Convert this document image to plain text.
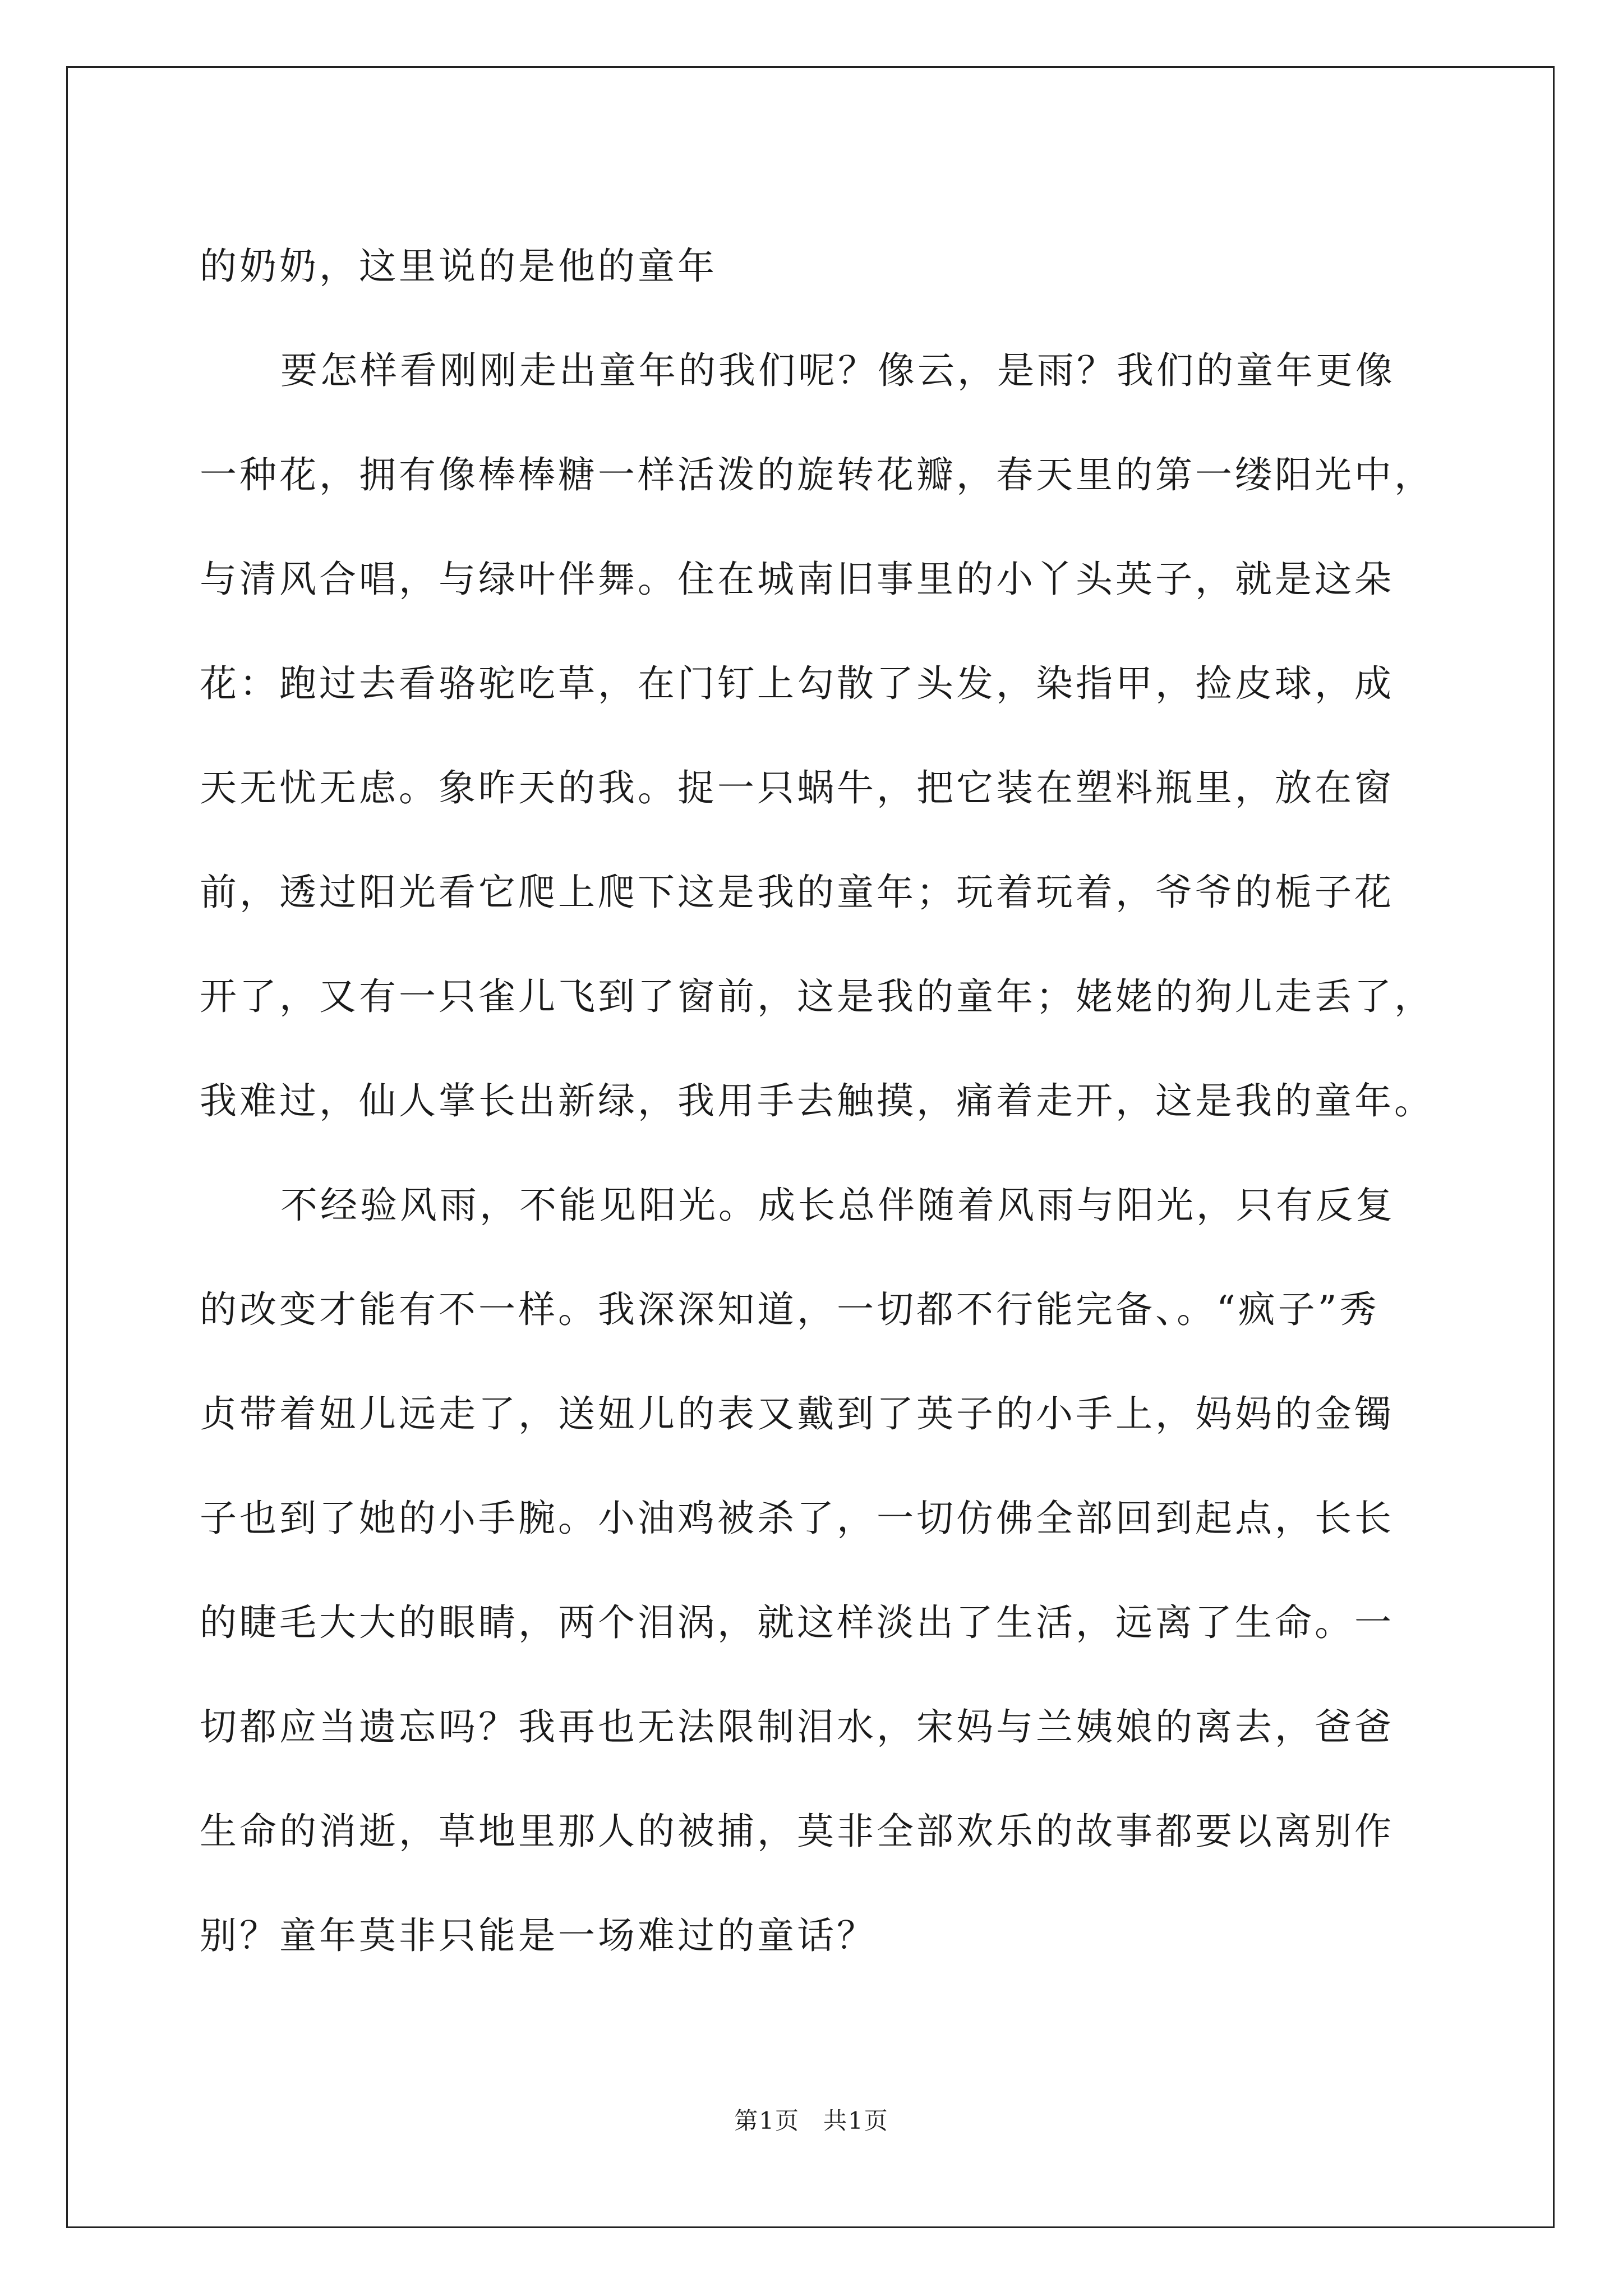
的奶奶，这里说的是他的童年
要怎样看刚刚走出童年的我们呢？像云，是雨？我们的童年更像
一种花，拥有像棒棒糖一样活泼的旋转花瓣，春天里的第一缕阳光中，
与清风合唱，与绿叶伴舞。住在城南旧事里的小丫头英子，就是这朵
花：跑过去看骆驼吃草，在门钉上勾散了头发，染指甲，捡皮球，成
天无忧无虑。象昨天的我。捉一只蜗牛，把它装在塑料瓶里，放在窗
前，透过阳光看它爬上爬下这是我的童年；玩着玩着，爷爷的栀子花
开了，又有一只雀儿飞到了窗前，这是我的童年；姥姥的狗儿走丢了，
我难过，仙人掌长出新绿，我用手去触摸，痛着走开，这是我的童年。
不经验风雨，不能见阳光。成长总伴随着风雨与阳光，只有反复
的改变才能有不一样。我深深知道，一切都不行能完备、。“疯子”秀
贞带着妞儿远走了，送妞儿的表又戴到了英子的小手上，妈妈的金镯
子也到了她的小手腕。小油鸡被杀了，一切仿佛全部回到起点，长长
的睫毛大大的眼睛，两个泪涡，就这样淡出了生活，远离了生命。一
切都应当遗忘吗？我再也无法限制泪水，宋妈与兰姨娘的离去，爸爸
生命的消逝，草地里那人的被捕，莫非全部欢乐的故事都要以离别作
别？童年莫非只能是一场难过的童话？
第1页 共1页
